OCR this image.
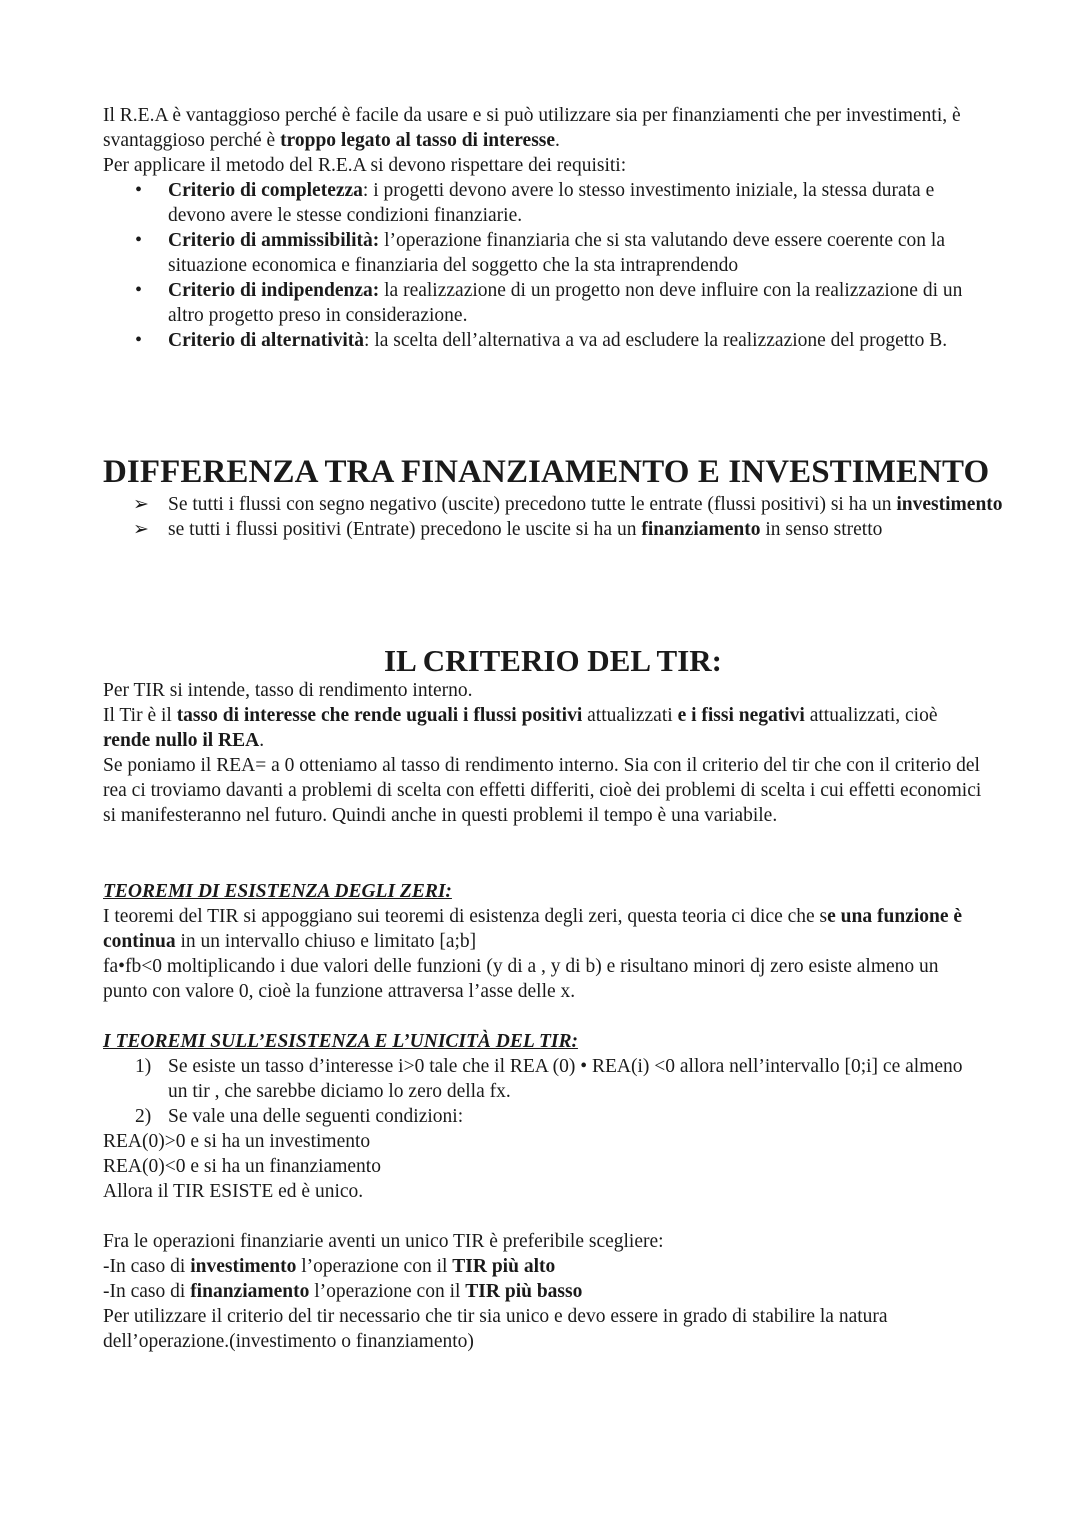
Il R.E.A è vantaggioso perché è facile da usare e si può utilizzare sia per finanziamenti che per investimenti, è svantaggioso perché è troppo legato al tasso di interesse.

Per applicare il metodo del R.E.A si devono rispettare dei requisiti:

• Criterio di completezza: i progetti devono avere lo stesso investimento iniziale, la stessa durata e devono avere le stesse condizioni finanziarie.
• Criterio di ammissibilità: l’operazione finanziaria che si sta valutando deve essere coerente con la situazione economica e finanziaria del soggetto che la sta intraprendendo
• Criterio di indipendenza: la realizzazione di un progetto non deve influire con la realizzazione di un altro progetto preso in considerazione.
• Criterio di alternatività: la scelta dell’alternativa a va ad escludere la realizzazione del progetto B.
DIFFERENZA TRA FINANZIAMENTO E INVESTIMENTO
➢ Se tutti i flussi con segno negativo (uscite) precedono tutte le entrate (flussi positivi) si ha un investimento
➢ se tutti i flussi positivi (Entrate) precedono le uscite si ha un finanziamento in senso stretto
IL CRITERIO DEL TIR:

Per TIR si intende, tasso di rendimento interno.

Il Tir è il tasso di interesse che rende uguali i flussi positivi attualizzati e i fissi negativi attualizzati, cioè rende nullo il REA.

Se poniamo il REA= a 0 otteniamo al tasso di rendimento interno. Sia con il criterio del tir che con il criterio del rea ci troviamo davanti a problemi di scelta con effetti differiti, cioè dei problemi di scelta i cui effetti economici si manifesteranno nel futuro. Quindi anche in questi problemi il tempo è una variabile.

TEOREMI DI ESISTENZA DEGLI ZERI:

I teoremi del TIR si appoggiano sui teoremi di esistenza degli zeri, questa teoria ci dice che se una funzione è continua in un intervallo chiuso e limitato [a;b]

fa•fb<0 moltiplicando i due valori delle funzioni (y di a , y di b) e risultano minori dj zero esiste almeno un punto con valore 0, cioè la funzione attraversa l’asse delle x.

I TEOREMI SULL’ESISTENZA E L’UNICITÀ DEL TIR:

1) Se esiste un tasso d’interesse i>0 tale che il REA (0) • REA(i) <0 allora nell’intervallo [0;i] ce almeno un tir , che sarebbe diciamo lo zero della fx.
2) Se vale una delle seguenti condizioni:

REA(0)>0 e si ha un investimento

REA(0)<0 e si ha un finanziamento

Allora il TIR ESISTE ed è unico.

Fra le operazioni finanziarie aventi un unico TIR è preferibile scegliere:

-In caso di investimento l’operazione con il TIR più alto

-In caso di finanziamento l’operazione con il TIR più basso

Per utilizzare il criterio del tir necessario che tir sia unico e devo essere in grado di stabilire la natura dell’operazione.(investimento o finanziamento)
